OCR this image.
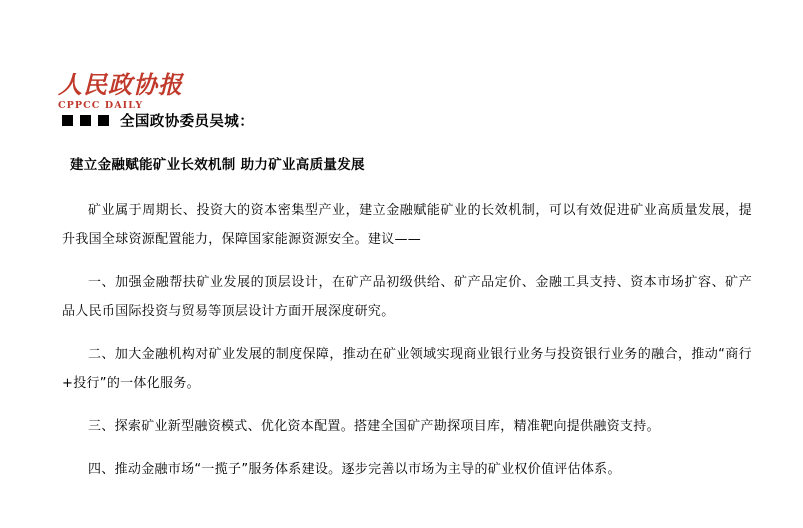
人民政协报
CPPCC DAILY
全国政协委员吴城：
建立金融赋能矿业长效机制 助力矿业高质量发展

矿业属于周期长、投资大的资本密集型产业，建立金融赋能矿业的长效机制，可以有效促进矿业高质量发展，提升我国全球资源配置能力，保障国家能源资源安全。建议——

一、加强金融帮扶矿业发展的顶层设计，在矿产品初级供给、矿产品定价、金融工具支持、资本市场扩容、矿产品人民币国际投资与贸易等顶层设计方面开展深度研究。

二、加大金融机构对矿业发展的制度保障，推动在矿业领域实现商业银行业务与投资银行业务的融合，推动“商行+投行”的一体化服务。

三、探索矿业新型融资模式、优化资本配置。搭建全国矿产勘探项目库，精准靶向提供融资支持。

四、推动金融市场“一揽子”服务体系建设。逐步完善以市场为主导的矿业权价值评估体系。
